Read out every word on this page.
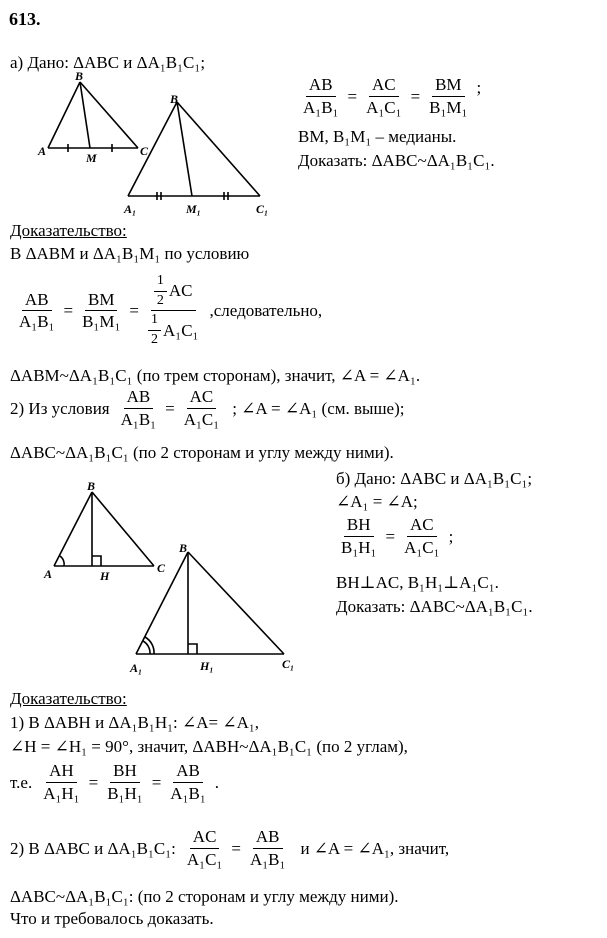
613.
а) Дано: ΔABC и ΔA₁B₁C₁;
$\frac{AB}{\text{A₁B₁}} = \frac{AC}{\text{A₁C₁}} = \frac{BM}{\text{B₁M₁}}$ ;
BM, B₁M₁ – медианы.
Доказать: ΔABC~ΔA₁B₁C₁.
A
B
C
M
A₁
B
C₁
M₁
Доказательство:
В ΔABM и ΔA₁B₁M₁ по условию
$\frac{AB}{\text{A₁B₁}} = \frac{BM}{\text{B₁M₁}} = \frac{\frac{1}{2} AC}{\frac{1}{2} A_1C_1}$ ,следовательно,
ΔABM~ΔA₁B₁C₁ (по трем сторонам), значит, ∠A = ∠A₁.
2) Из условия $\frac{AB}{\text{A₁B₁}} = \frac{AC}{\text{A₁C₁}}$ ; ∠A = ∠A₁ (см. выше);
ΔABC~ΔA₁B₁C₁ (по 2 сторонам и углу между ними).
A
B
C
H
A₁
B
C₁
H₁
б) Дано: ΔABC и ΔA₁B₁C₁;
∠A₁ = ∠A;
$\frac{BH}{\text{B₁H₁}} = \frac{AC}{\text{A₁C₁}}$ ;
BH⊥AC, B₁H₁⊥A₁C₁.
Доказать: ΔABC~ΔA₁B₁C₁.
Доказательство:
1) В ΔABH и ΔA₁B₁H₁: ∠A= ∠A₁,
∠H = ∠H₁ = 90°, значит, ΔABH~ΔA₁B₁C₁ (по 2 углам),
т.е. $\frac{AH}{\text{A₁H₁}} = \frac{BH}{\text{B₁H₁}} = \frac{AB}{\text{A₁B₁}}$ .
2) В ΔABC и ΔA₁B₁C₁: $\frac{AC}{\text{A₁C₁}} = \frac{AB}{\text{A₁B₁}}$ и ∠A = ∠A₁, значит,
ΔABC~ΔA₁B₁C₁: (по 2 сторонам и углу между ними).
Что и требовалось доказать.
